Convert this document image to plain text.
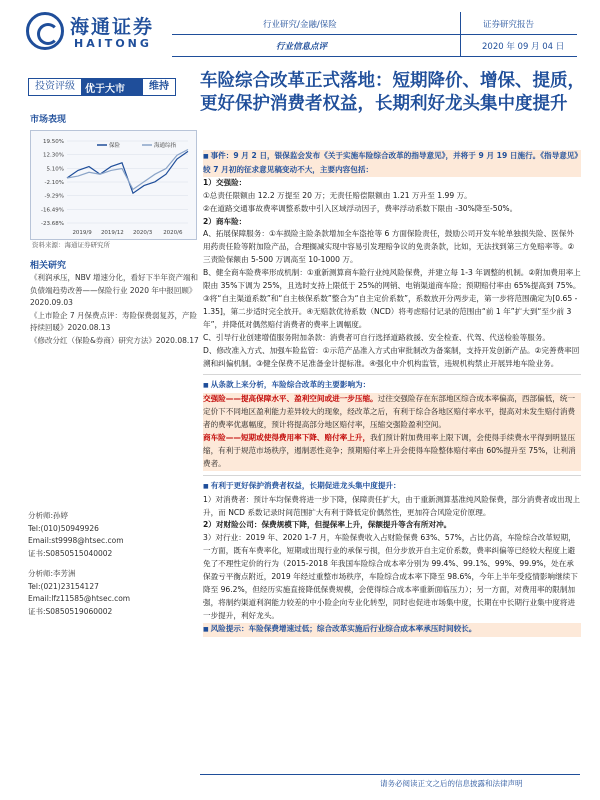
海通证券
HAITONG
行业研究/金融/保险
行业信息点评
证券研究报告
2020 年 09 月 04 日
投资评级	优于大市	维持	车险综合改革正式落地：短期降价、增保、提质，更好保护消费者权益，长期利好龙头集中度提升
市场表现
19.50%
12.30%
5.10%
-2.10%
-9.29%
-16.49%
-23.68%
2019/9 2019/12 2020/3 2020/6
保险	海通综指
资料来源：海通证券研究所
相关研究
《利润承压，NBV 增速分化，看好下半年资产端和负债端趋势改善——保险行业 2020 年中报回顾》2020.09.03
《上市险企 7 月保费点评：寿险保费弱复苏，产险持续回暖》2020.08.13
《修改分红（保险&券商）研究方法》2020.08.17
分析师:孙婷
Tel:(010)50949926
Email:st9998@htsec.com
证书:S0850515040002
分析师:李芳洲
Tel:(021)23154127
Email:lfz11585@htsec.com
证书:S0850519060002

■ 事件：9 月 2 日，银保监会发布《关于实施车险综合改革的指导意见》，并将于 9 月 19 日施行。《指导意见》较 7 月初的征求意见稿变动不大，主要内容包括：

1）交强险：

①总责任限额由 12.2 万提至 20 万；无责任赔偿限额由 1.21 万升至 1.99 万。

②在道路交通事故费率调整系数中引入区域浮动因子，费率浮动系数下限由 -30%降至-50%。

2）商车险：

A、拓展保障服务：①车损险主险条款增加全车盗抢等 6 方面保险责任，鼓励公司开发车轮单独损失险、医保外用药责任险等附加险产品，合理搁减实现中容易引发理赔争议的免责条款，比如，无法找到第三方免赔率等。②三责险保额由 5-500 万调高至 10-1000 万。

B、健全商车险费率形成机制：①重新测算商车险行业纯风险保费，并建立每 1-3 年调整的机制。②附加费用率上限由 35%下调为 25%，且选时支持上限低于 25%的网销、电销渠道商车险；预期赔付率由 65%提高到 75%。③将“自主渠道系数”和“自主核保系数”整合为“自主定价系数”，系数放开分两步走，第一步将范围确定为[0.65 - 1.35]，第二步适时完全放开。④无赔款优待系数（NCD）将考虑赔付记录的范围由“前 1 年”扩大到“至少前 3 年”，并降低对偶然赔付消费者的费率上调幅度。

C、引导行业创建增值服务附加条款：消费者可自行选择道路救援、安全检查、代驾、代送检验等服务。

D、修改准入方式、加强车险监管：①示范产品准入方式由审批制改为备案制，支持开发创新产品。②完善费率回溯和纠偏机制。③健全保费不足准备金计提标准。④强化中介机构监管，违规机构禁止开展异地车险业务。

■ 从条款上来分析，车险综合改革的主要影响为：

交强险——提高保障水平、盈利空间或进一步压缩。过往交强险存在东部地区综合成本率偏高，西部偏低，统一定价下不同地区盈利能力差异较大的现象，经改革之后，有利于综合各地区赔付率水平，提高对未发生赔付消费者的费率优惠幅度，预计将提高部分地区赔付率，压缩交强险盈利空间。

商车险——短期或使得费用率下降、赔付率上升，我们预计附加费用率上限下调，会使得手续费水平得到明显压缩，有利于规范市场秩序，遏制恶性竞争；预期赔付率上升会使得车险整体赔付率由 60%提升至 75%，让利消费者。

■ 有利于更好保护消费者权益，长期促进龙头集中度提升：

1）对消费者：预计车均保费将进一步下降，保障责任扩大，由于重新测算基准纯风险保费，部分消费者或出现上升，而 NCD 系数记录时间范围扩大有利于降低定价偶然性，更加符合风险定价原理。

2）对财险公司：保费规模下降，但提保率上升，保额提升等含有所对冲。

3）对行业：2019 年、2020 1-7 月，车险保费收入占财险保费 63%、57%，占比仍高，车险综合改革短期，一方面，既有车费率化，短期或出现行业的承保亏损，但分步放开自主定价系数，费率纠偏等已经较大程度上避免了不理性定价的行为（2015-2018 年我国车险综合成本率分别为 99.4%、99.1%、99%、99.9%，处在承保盈亏平衡点附近，2019 年经过重整市场秩序，车险综合成本率下降至 98.6%，今年上半年受疫情影响继续下降至 96.2%，但经历实施直接降低保费规模，会使得综合成本率重新面临压力）；另一方面，对费用率的限制加强，将制约渠道利润能力较差的中小险企向专业化转型，同时也促进市场集中度，长期在中长期行业集中度将进一步提升，利好龙头。

■ 风险提示：车险保费增速过低；综合改革实施后行业综合成本率承压时间较长。

请务必阅读正文之后的信息披露和法律声明
